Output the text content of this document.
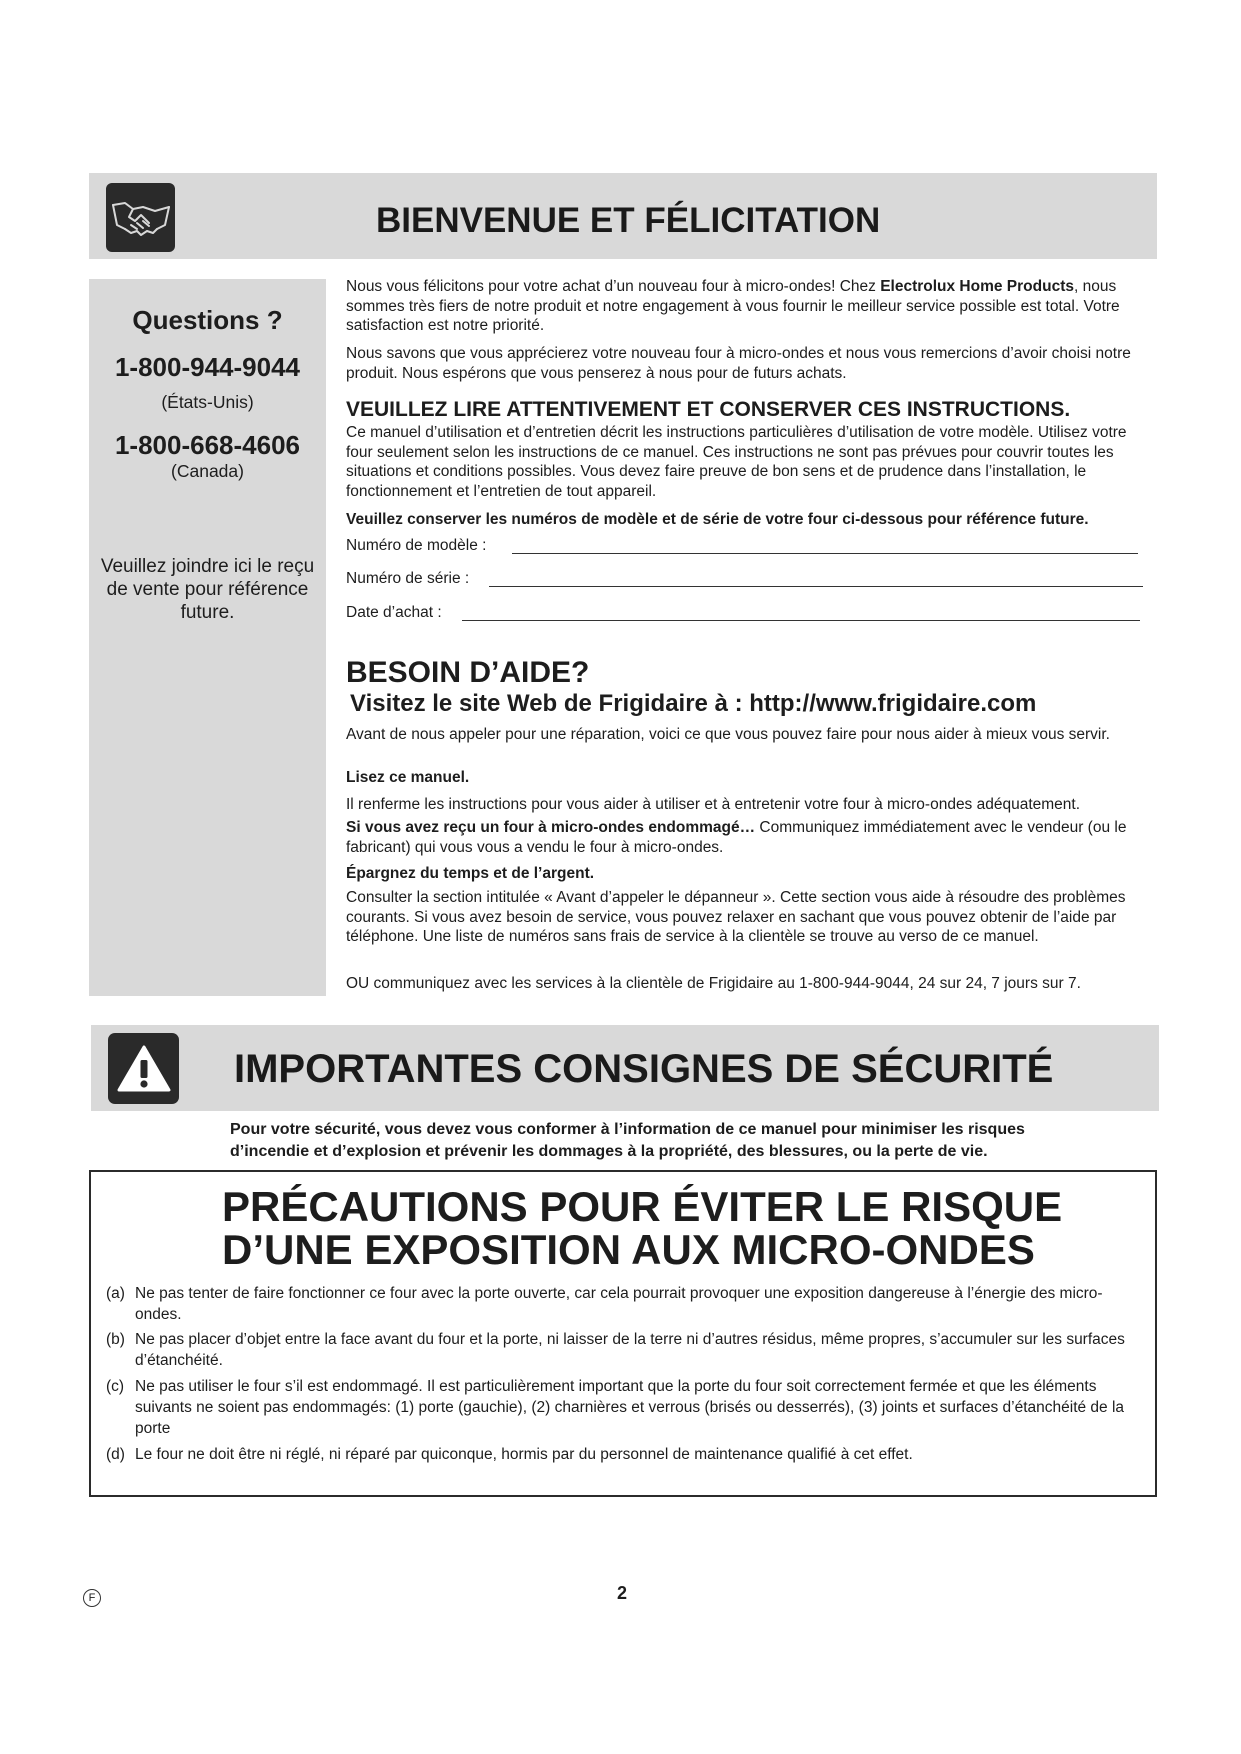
BIENVENUE ET FÉLICITATION
Questions ?
1-800-944-9044
(États-Unis)
1-800-668-4606
(Canada)
Veuillez joindre ici le reçu
de vente pour référence
future.

Nous vous félicitons pour votre achat d’un nouveau four à micro-ondes! Chez Electrolux Home Products, nous sommes très fiers de notre produit et notre engagement à vous fournir le meilleur service possible est total. Votre satisfaction est notre priorité.

Nous savons que vous apprécierez votre nouveau four à micro-ondes et nous vous remercions d’avoir choisi notre produit. Nous espérons que vous penserez à nous pour de futurs achats.

VEUILLEZ LIRE ATTENTIVEMENT ET CONSERVER CES INSTRUCTIONS.

Ce manuel d’utilisation et d’entretien décrit les instructions particulières d’utilisation de votre modèle. Utilisez votre four seulement selon les instructions de ce manuel. Ces instructions ne sont pas prévues pour couvrir toutes les situations et conditions possibles. Vous devez faire preuve de bon sens et de prudence dans l’installation, le fonctionnement et l’entretien de tout appareil.

Veuillez conserver les numéros de modèle et de série de votre four ci-dessous pour référence future.

Numéro de modèle :
Numéro de série :
Date d’achat :

BESOIN D’AIDE?

Visitez le site Web de Frigidaire à : http://www.frigidaire.com

Avant de nous appeler pour une réparation, voici ce que vous pouvez faire pour nous aider à mieux vous servir.

Lisez ce manuel.

Il renferme les instructions pour vous aider à utiliser et à entretenir votre four à micro-ondes adéquatement.

Si vous avez reçu un four à micro-ondes endommagé… Communiquez immédiatement avec le vendeur (ou le fabricant) qui vous vous a vendu le four à micro-ondes.

Épargnez du temps et de l’argent.

Consulter la section intitulée « Avant d’appeler le dépanneur ». Cette section vous aide à résoudre des problèmes courants. Si vous avez besoin de service, vous pouvez relaxer en sachant que vous pouvez obtenir de l’aide par téléphone. Une liste de numéros sans frais de service à la clientèle se trouve au verso de ce manuel.

OU communiquez avec les services à la clientèle de Frigidaire au 1-800-944-9044, 24 sur 24, 7 jours sur 7.

IMPORTANTES CONSIGNES DE SÉCURITÉ
Pour votre sécurité, vous devez vous conformer à l’information de ce manuel pour minimiser les risques
d’incendie et d’explosion et prévenir les dommages à la propriété, des blessures, ou la perte de vie.
PRÉCAUTIONS POUR ÉVITER LE RISQUE
D’UNE EXPOSITION AUX MICRO-ONDES
(a) Ne pas tenter de faire fonctionner ce four avec la porte ouverte, car cela pourrait provoquer une exposition dangereuse à l’énergie des micro-ondes.
(b) Ne pas placer d’objet entre la face avant du four et la porte, ni laisser de la terre ni d’autres résidus, même propres, s’accumuler sur les surfaces d’étanchéité.
(c) Ne pas utiliser le four s’il est endommagé. Il est particulièrement important que la porte du four soit correctement fermée et que les éléments suivants ne soient pas endommagés: (1) porte (gauchie), (2) charnières et verrous (brisés ou desserrés), (3) joints et surfaces d’étanchéité de la porte
(d) Le four ne doit être ni réglé, ni réparé par quiconque, hormis par du personnel de maintenance qualifié à cet effet.
F	2
